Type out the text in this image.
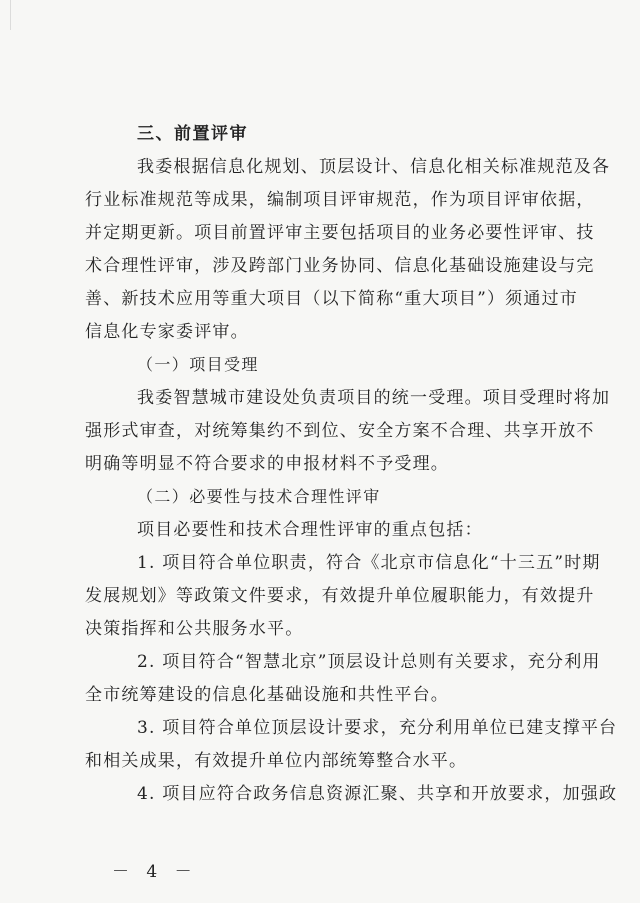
三、前置评审
我委根据信息化规划、顶层设计、信息化相关标准规范及各
行业标准规范等成果，编制项目评审规范，作为项目评审依据，
并定期更新。项目前置评审主要包括项目的业务必要性评审、技
术合理性评审，涉及跨部门业务协同、信息化基础设施建设与完
善、新技术应用等重大项目（以下简称“重大项目”）须通过市
信息化专家委评审。
（一）项目受理
我委智慧城市建设处负责项目的统一受理。项目受理时将加
强形式审查，对统筹集约不到位、安全方案不合理、共享开放不
明确等明显不符合要求的申报材料不予受理。
（二）必要性与技术合理性评审
项目必要性和技术合理性评审的重点包括：
1. 项目符合单位职责，符合《北京市信息化“十三五”时期
发展规划》等政策文件要求，有效提升单位履职能力，有效提升
决策指挥和公共服务水平。
2. 项目符合“智慧北京”顶层设计总则有关要求，充分利用
全市统筹建设的信息化基础设施和共性平台。
3. 项目符合单位顶层设计要求，充分利用单位已建支撑平台
和相关成果，有效提升单位内部统筹整合水平。
4. 项目应符合政务信息资源汇聚、共享和开放要求，加强政
－ 4 －
